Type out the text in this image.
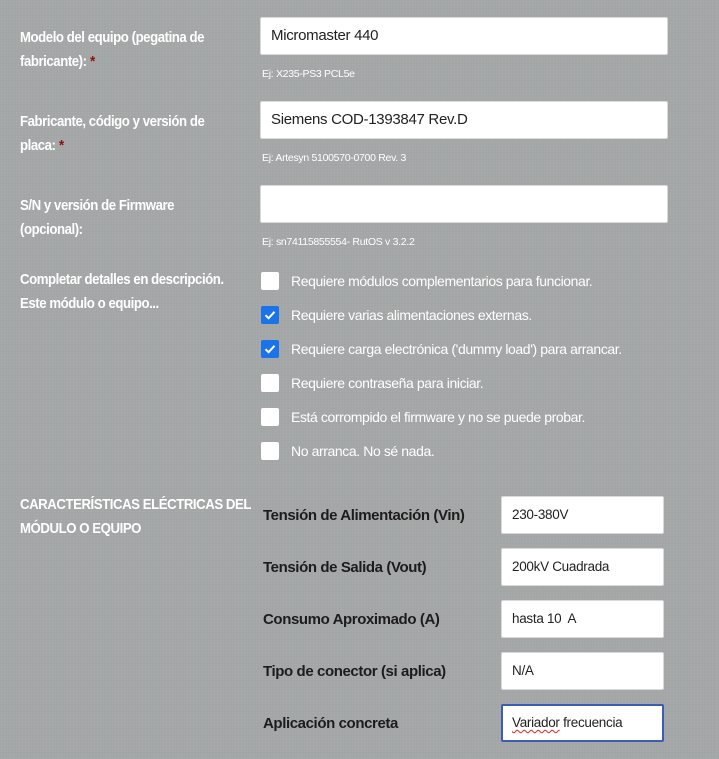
Modelo del equipo (pegatina de
fabricante): *
Micromaster 440
Ej: X235-PS3 PCL5e
Fabricante, código y versión de
placa: *
Siemens COD-1393847 Rev.D
Ej: Artesyn 5100570-0700 Rev. 3
S/N y versión de Firmware
(opcional):
Ej: sn74115855554- RutOS v 3.2.2
Completar detalles en descripción.
Este módulo o equipo...
Requiere módulos complementarios para funcionar.
Requiere varias alimentaciones externas.
Requiere carga electrónica ('dummy load') para arrancar.
Requiere contraseña para iniciar.
Está corrompido el firmware y no se puede probar.
No arranca. No sé nada.
CARACTERÍSTICAS ELÉCTRICAS DEL
MÓDULO O EQUIPO
Tensión de Alimentación (Vin)	230-380V
Tensión de Salida (Vout)	200kV Cuadrada
Consumo Aproximado (A)	hasta 10  A
Tipo de conector (si aplica)	N/A
Aplicación concreta	Variador frecuencia
